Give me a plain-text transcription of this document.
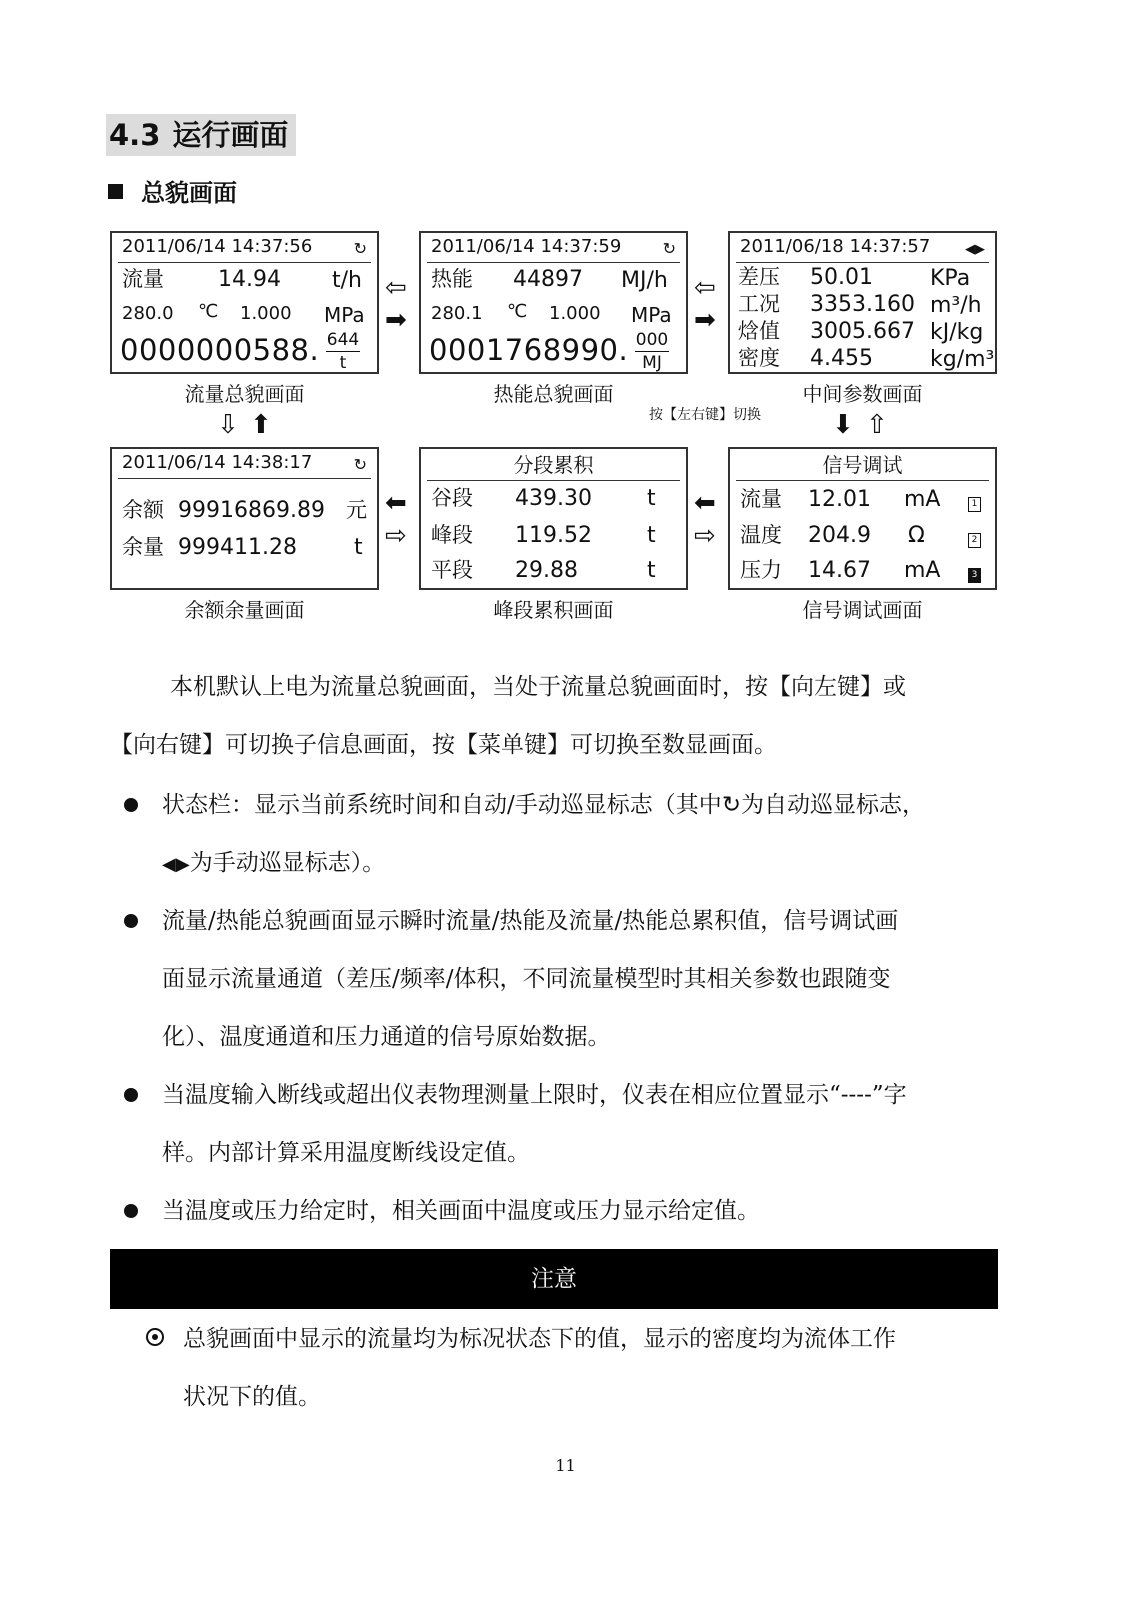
4.3 运行画面
总貌画面
2011/06/14 14:37:56	↻
流量 14.94 t/h
280.0 ℃ 1.000 MPa
0000000588. 644
t
流量总貌画面
2011/06/14 14:37:59	↻
热能 44897 MJ/h
280.1 ℃ 1.000 MPa
0001768990. 000
MJ
热能总貌画面
2011/06/18 14:37:57	◀▶
差压 50.01	KPa
工况 3353.160 m³/h
焓值 3005.667 kJ/kg
密度 4.455	kg/m³
中间参数画面
按【左右键】切换
⇦
➡
⇦
➡
⇩ ⬆	⬇ ⇧
2011/06/14 14:38:17	↻
余额 99916869.89 元
余量 999411.28	t
余额余量画面
分段累积
谷段 439.30	t
峰段 119.52	t
平段 29.88	t
峰段累积画面
信号调试
流量 12.01 mA	1
温度 204.9 Ω	2
压力 14.67 mA	3
信号调试画面
⬅
⇨
⬅
⇨
本机默认上电为流量总貌画面，当处于流量总貌画面时，按【向左键】或
【向右键】可切换子信息画面，按【菜单键】可切换至数显画面。
状态栏：显示当前系统时间和自动/手动巡显标志（其中↻为自动巡显标志，
◀▶为手动巡显标志）。
流量/热能总貌画面显示瞬时流量/热能及流量/热能总累积值，信号调试画
面显示流量通道（差压/频率/体积，不同流量模型时其相关参数也跟随变
化）、温度通道和压力通道的信号原始数据。
当温度输入断线或超出仪表物理测量上限时，仪表在相应位置显示“----”字
样。内部计算采用温度断线设定值。
当温度或压力给定时，相关画面中温度或压力显示给定值。
注意
总貌画面中显示的流量均为标况状态下的值，显示的密度均为流体工作
状况下的值。
11
